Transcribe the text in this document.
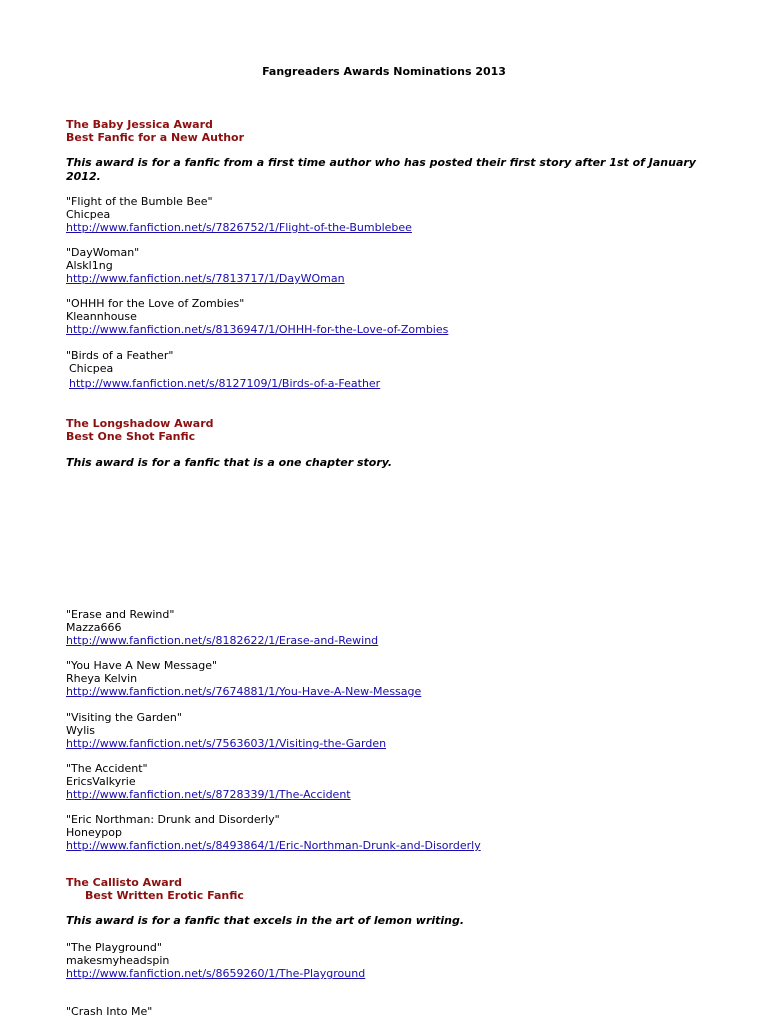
Fangreaders Awards Nominations 2013
The Baby Jessica Award
Best Fanfic for a New Author
This award is for a fanfic from a first time author who has posted their first story after 1st of January 2012.
"Flight of the Bumble Bee"
Chicpea
http://www.fanfiction.net/s/7826752/1/Flight-of-the-Bumblebee
"DayWoman"
Alskl1ng
http://www.fanfiction.net/s/7813717/1/DayWOman
"OHHH for the Love of Zombies"
Kleannhouse
http://www.fanfiction.net/s/8136947/1/OHHH-for-the-Love-of-Zombies
"Birds of a Feather"
Chicpea
http://www.fanfiction.net/s/8127109/1/Birds-of-a-Feather
The Longshadow Award
Best One Shot Fanfic
This award is for a fanfic that is a one chapter story.
"Erase and Rewind"
Mazza666
http://www.fanfiction.net/s/8182622/1/Erase-and-Rewind
"You Have A New Message"
Rheya Kelvin
http://www.fanfiction.net/s/7674881/1/You-Have-A-New-Message
"Visiting the Garden"
Wylis
http://www.fanfiction.net/s/7563603/1/Visiting-the-Garden
"The Accident"
EricsValkyrie
http://www.fanfiction.net/s/8728339/1/The-Accident
"Eric Northman: Drunk and Disorderly"
Honeypop
http://www.fanfiction.net/s/8493864/1/Eric-Northman-Drunk-and-Disorderly
The Callisto Award
Best Written Erotic Fanfic
This award is for a fanfic that excels in the art of lemon writing.
"The Playground"
makesmyheadspin
http://www.fanfiction.net/s/8659260/1/The-Playground
"Crash Into Me"
